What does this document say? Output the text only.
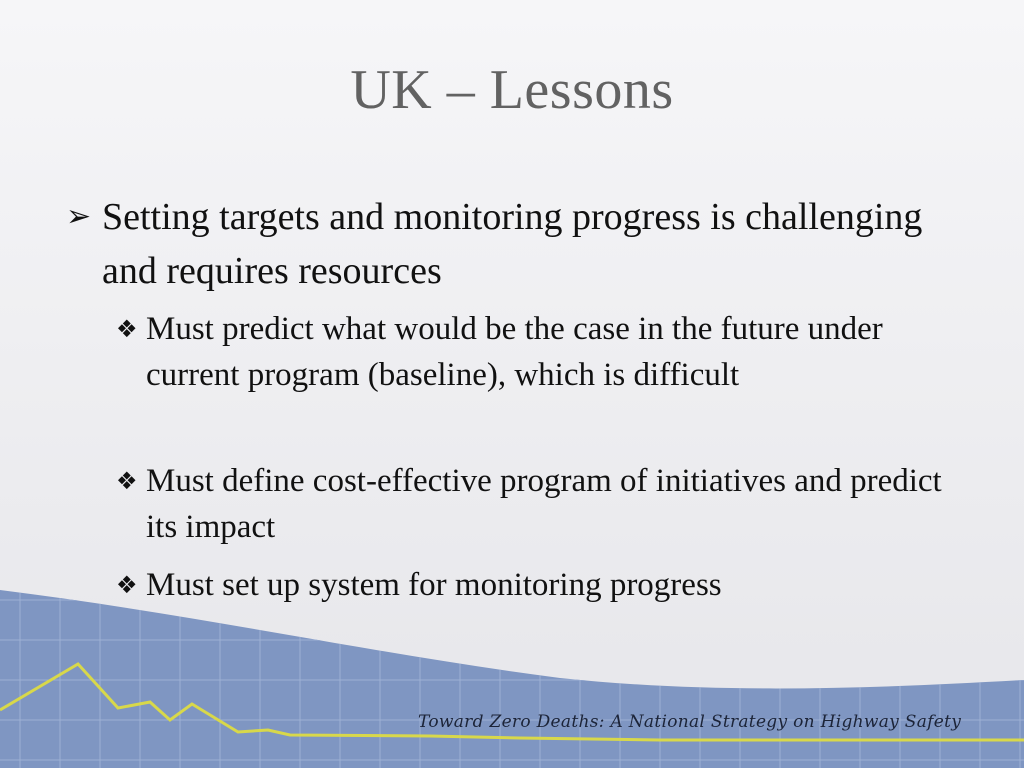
UK – Lessons
➢ Setting targets and monitoring progress is challenging and requires resources
❖ Must predict what would be the case in the future under current program (baseline), which is difficult
❖ Must define cost-effective program of initiatives and predict its impact
❖ Must set up system for monitoring progress
Toward Zero Deaths: A National Strategy on Highway Safety
